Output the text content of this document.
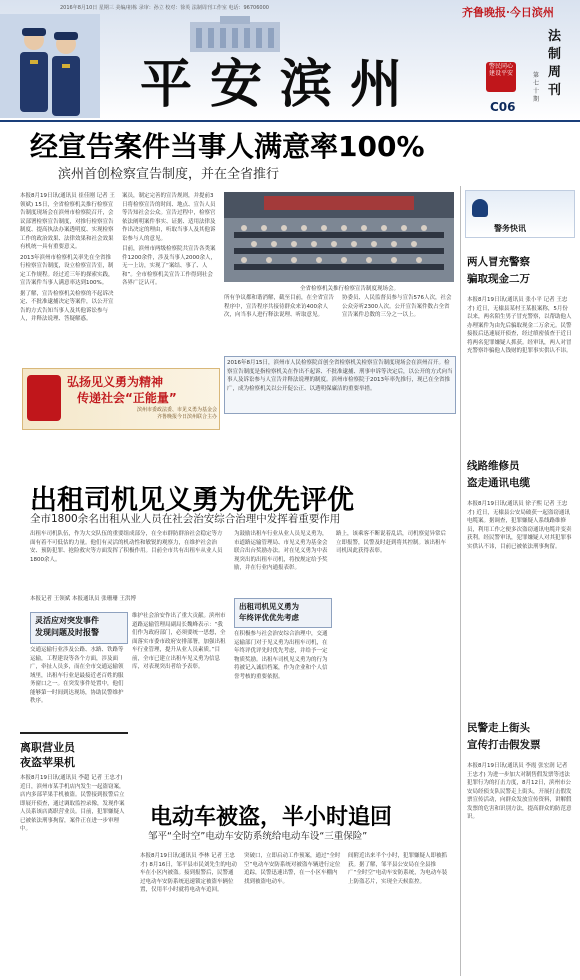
2016年8月10日 星期三 美编/祖栋 录审：孙立 校对：徐英 法制周刊工作室 电话：96706000	齐鲁晚报·今日滨州
平安滨州	警民同心 建设平安
C06
第七十期
法制周刊
经宣告案件当事人满意率100%
滨州首创检察宣告制度，并在全省推行
本报8月19日讯(通讯员 崔佳刚 记者 王领斌) 15日，全省检察机关推行检察宣告制度现场会在滨州市检察院召开，会议部署检察宣告制度，对推行检察宣告制度、提高执法办案透明度、实现检察工作的政治效果、法律效果和社会效果有机统一具有重要意义。
2013年滨州市检察机关率先在全省推行检察宣告制度，设立检察宣告室，制定工作规程。经过近三年的探索实践，宣告案件当事人满意率达到100%。
据了解，宣告检察机关检察的不起诉决定、不批准逮捕决定等案件，以公开宣告的方式告知当事人及其他诉讼参与人，并释法说理、答疑解惑。
案员，制定完善的宣告规则，并提前3日将检察宣告的时间、地点、宣告人员等告知社会公众。宣告过程中，检察官依法阐明案件事实、证据、适用法律及作出决定的理由，听取当事人及其他诉讼参与人的意见。
目前，滨州市两级检察院共宣告各类案件1200余件，涉及当事人2000余人，无一上访，实现了“案结、事了、人和”。全市检察机关宣告工作得到社会各界广泛认可。
全省检察机关推行检察宣告制度现场会。
所有争议都和谐消解，截至目前，在全省宣告程序中，宣告程序共接待群众来访400余人次，向当事人进行释法说理、听取意见。
协委员、人民监督员参与宣告576人次，社会公众旁听2300人次。公开宣告案件数占全省宣告案件总数的三分之一以上。
2016年8月15日，滨州市人民检察院首创全省检察机关检察宣告制度现场会在滨州召开。检察宣告制度是指检察机关在作出不起诉、不批准逮捕、刑事申诉等决定后，以公开的方式向当事人及诉讼参与人宣告并释法说理的制度。滨州市检察院于2013年率先推行，现已在全省推广，成为检察机关以公开促公正、以透明保廉洁的重要举措。
弘扬见义勇为精神
传递社会“正能量”
滨州市委政法委、市见义勇为基金会
齐鲁晚报今日滨州联合主办
出租司机见义勇为优先评优
全市1800余名出租从业人员在社会治安综合治理中发挥着重要作用
出租车司机队伍，作为大交队伍的重要组成部分，在全市群防群治社会稳定等方面有着不可低估的力量。他们有灵活的机动性和敏锐的观察力，在维护社会治安、预防犯罪、抢险救灾等方面发挥了积极作用。目前全市共有出租车从业人员1800余人。
本报记者 王领斌 本报通讯员 张珊珊 王洪博
灵活应对突发事件
发现问题及时报警
交通运输行业涉及公路、水路、铁路等运输，工程建设等各个方面，涉及面广，牵扯人员多，而在全市交通运输领域里，出租车行业是最接近老百姓的服务窗口之一。在突发事件处置中，他们能够第一时间到达现场，协助民警维护秩序。
维护社会治安作出了重大贡献。滨州市道路运输管理局副局长魏峰表示：“我们作为政府部门，必须要统一思想，全面落实市委市政府安排部署，加强出租车行业管理，提升从业人员素质。”目前，全市已建立出租车见义勇为信息库，对表现突出者给予表彰。
为鼓励出租车行业从业人员见义勇为，市道路运输管理局、市见义勇为基金会联合出台奖励办法。对在见义勇为中表现突出的出租车司机，将按规定给予奖励，并在行业内通报表彰。
出租司机见义勇为
年终评优优先考虑
在积极参与社会治安综合治理中，交通运输部门对于见义勇为出租车司机，在年终评优评先时优先考虑，并给予一定物质奖励。出租车司机见义勇为的行为将被记入诚信档案，作为企业和个人信誉考核的重要依据。
路上，该乘客不断说着乱话，司机察觉异常后立即报警，民警及时赶到将其控制。该出租车司机因此获得表彰。
离职营业员
夜盗苹果机
本报8月19日讯(通讯员 李超 记者 王忠才) 近日，滨州市某手机店内发生一起盗窃案，店内多部苹果手机被盗。民警接到报警后立即展开侦查，通过调取监控录像，发现作案人员系该店离职营业员。目前，犯罪嫌疑人已被依法刑事拘留，案件正在进一步审理中。	电动车被盗，半小时追回
邹平“全时空”电动车安防系统给电动车设“三重保险”
本报8月19日讯(通讯员 李林 记者 王忠才) 8月16日，邹平县市民刘先生的电动车在小区内被盗。接到报警后，民警通过电动车安防系统迅速锁定被盗车辆位置，仅用半小时就将电动车追回。
突破口，立即启动工作预案，通过“全时空”电动车安防系统对被盗车辆进行定位追踪，民警迅速出警，在一小区车棚内找到被盗电动车。
间附近出来半个小时，犯罪嫌疑人即被抓获。据了解，邹平县公安局在全县推广“全时空”电动车安防系统，为电动车装上防盗芯片，实现全天候监控。
警务快讯
两人冒充警察
骗取现金二万
本报8月19日讯(通讯员 张小平 记者 王忠才) 近日，无棣县某村王某报案称，5月份以来，两名陌生男子冒充警察，以帮助他人办理案件为由先后骗取现金二万余元。民警接报后迅速展开侦查，经过缜密侦查于近日将两名犯罪嫌疑人抓获。经审讯，两人对冒充警察诈骗他人钱财的犯罪事实供认不讳。
线路维修员
盗走通讯电缆
本报8月19日讯(通讯员 徐子熙 记者 王忠才) 近日，无棣县公安局破获一起盗窃通讯电缆案。据调查，犯罪嫌疑人系线路维修员，利用工作之便多次盗窃通讯电缆并变卖获利。经民警审讯，犯罪嫌疑人对其犯罪事实供认不讳，目前已被依法刑事拘留。
民警走上街头
宣传打击假发票
本报8月19日讯(通讯员 李霞 张宏润 记者 王忠才) 为进一步加大对制售假发票等违法犯罪行为的打击力度，8月12日，滨州市公安局经侦支队民警走上街头，开展打击假发票宣传活动，向群众发放宣传资料，讲解假发票的危害和识别方法，提高群众的防范意识。
